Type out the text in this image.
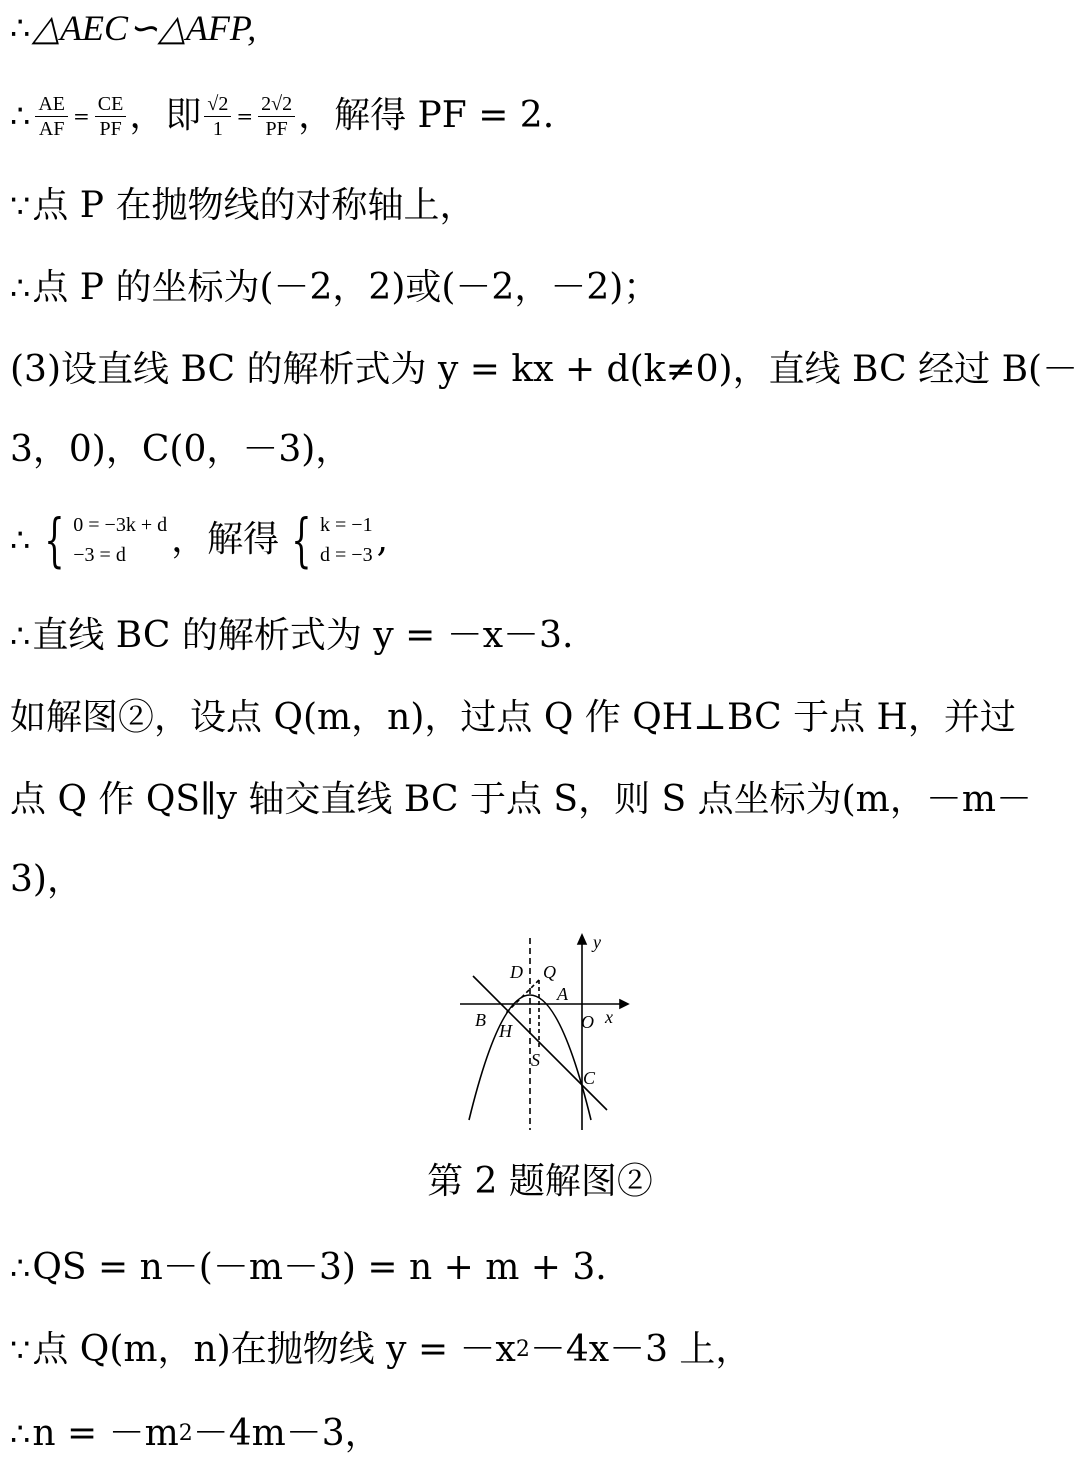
∴ △AEC∽△AFP,
∴ $\frac{AE}{AF} = \frac{CE}{PF}$ ，即 $\frac{√2}{1} = \frac{2√2}{PF}$ ，解得 PF = 2.
∵ 点 P 在抛物线的对称轴上，
∴ 点 P 的坐标为(－2，2)或(－2，－2)；
(3)设直线 BC 的解析式为 y = kx + d(k≠0)，直线 BC 经过 B(－
3，0)，C(0，－3)，
∴ { 0 = −3k + d
−3 = d	，解得 { k = −1
d = −3 ,
∴ 直线 BC 的解析式为 y = －x－3.
如解图②，设点 Q(m，n)，过点 Q 作 QH⊥BC 于点 H，并过
点 Q 作 QS∥y 轴交直线 BC 于点 S，则 S 点坐标为(m，－m－
3)，
y
x
O
A
B
C
D Q
H
S
第 2 题解图②
∴ QS = n－(－m－3) = n + m + 3.
∵ 点 Q(m，n)在抛物线 y = －x 2 －4x－3 上，
∴ n = －m 2 －4m－3，
